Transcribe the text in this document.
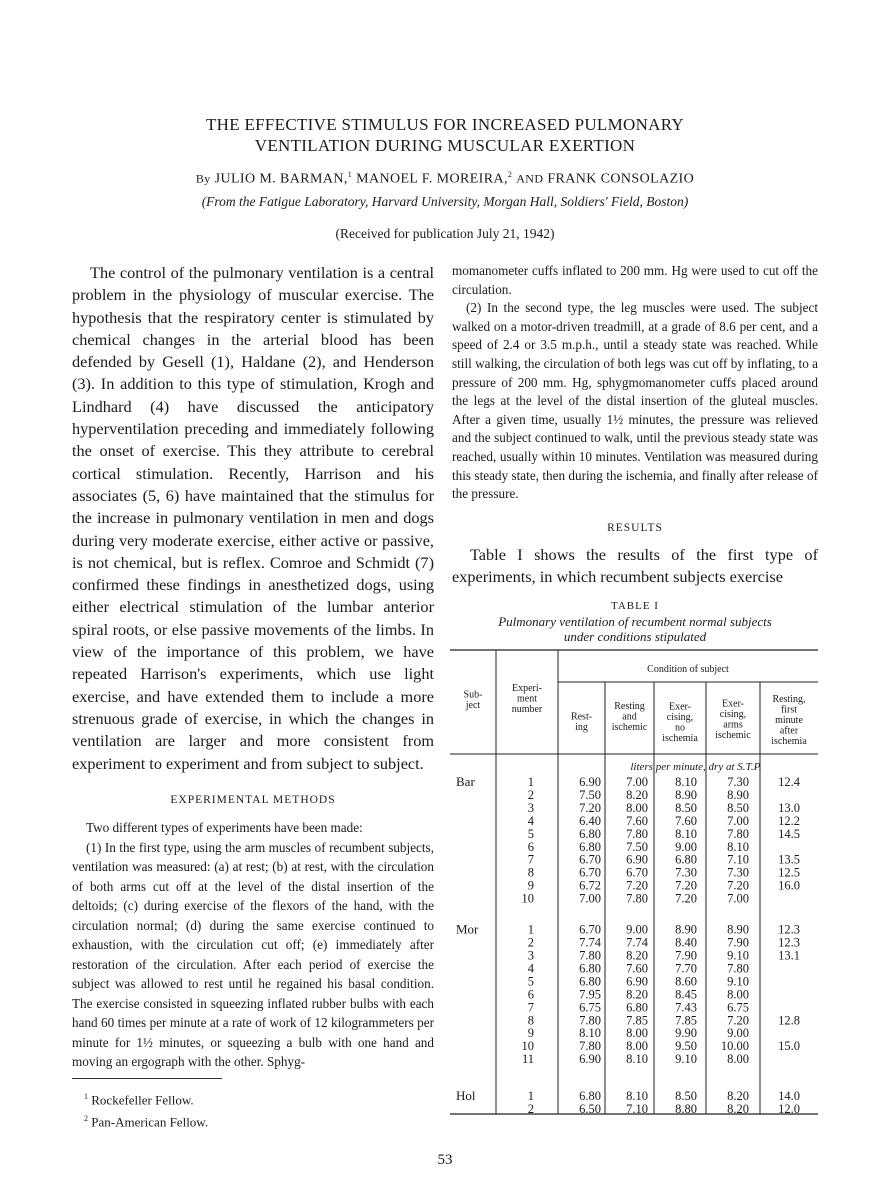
THE EFFECTIVE STIMULUS FOR INCREASED PULMONARY
VENTILATION DURING MUSCULAR EXERTION
By JULIO M. BARMAN,$^1$ MANOEL F. MOREIRA,$^2$ AND FRANK CONSOLAZIO
(From the Fatigue Laboratory, Harvard University, Morgan Hall, Soldiers' Field, Boston)
(Received for publication July 21, 1942)

The control of the pulmonary ventilation is a central problem in the physiology of muscular exercise. The hypothesis that the respiratory center is stimulated by chemical changes in the arterial blood has been defended by Gesell (1), Haldane (2), and Henderson (3). In addition to this type of stimulation, Krogh and Lindhard (4) have discussed the anticipatory hyperventilation preceding and immediately following the onset of exercise. This they attribute to cerebral cortical stimulation. Recently, Harrison and his associates (5, 6) have maintained that the stimulus for the increase in pulmonary ventilation in men and dogs during very moderate exercise, either active or passive, is not chemical, but is reflex. Comroe and Schmidt (7) confirmed these findings in anesthetized dogs, using either electrical stimulation of the lumbar anterior spiral roots, or else passive movements of the limbs. In view of the importance of this problem, we have repeated Harrison's experiments, which use light exercise, and have extended them to include a more strenuous grade of exercise, in which the changes in ventilation are larger and more consistent from experiment to experiment and from subject to subject.

EXPERIMENTAL METHODS

Two different types of experiments have been made:

(1) In the first type, using the arm muscles of recumbent subjects, ventilation was measured: (a) at rest; (b) at rest, with the circulation of both arms cut off at the level of the distal insertion of the deltoids; (c) during exercise of the flexors of the hand, with the circulation normal; (d) during the same exercise continued to exhaustion, with the circulation cut off; (e) immediately after restoration of the circulation. After each period of exercise the subject was allowed to rest until he regained his basal condition. The exercise consisted in squeezing inflated rubber bulbs with each hand 60 times per minute at a rate of work of 12 kilogrammeters per minute for 1½ minutes, or squeezing a bulb with one hand and moving an ergograph with the other. Sphyg-

momanometer cuffs inflated to 200 mm. Hg were used to cut off the circulation.

(2) In the second type, the leg muscles were used. The subject walked on a motor-driven treadmill, at a grade of 8.6 per cent, and a speed of 2.4 or 3.5 m.p.h., until a steady state was reached. While still walking, the circulation of both legs was cut off by inflating, to a pressure of 200 mm. Hg, sphygmomanometer cuffs placed around the legs at the level of the distal insertion of the gluteal muscles. After a given time, usually 1½ minutes, the pressure was relieved and the subject continued to walk, until the previous steady state was reached, usually within 10 minutes. Ventilation was measured during this steady state, then during the ischemia, and finally after release of the pressure.

RESULTS

Table I shows the results of the first type of experiments, in which recumbent subjects exercise

TABLE I
Pulmonary ventilation of recumbent normal subjects
under conditions stipulated
Condition of subject
Sub-
ject
Experi-
ment
number
Rest-
ing
Resting
and
ischemic
Exer-
cising,
no
ischemia
Exer-
cising,
arms
ischemic
Resting,
first
minute
after
ischemia
liters per minute, dry at S.T.P.
Bar	1	6.90 7.00 8.10 7.30 12.4
2	7.50 8.20 8.90 8.90
3	7.20 8.00 8.50 8.50 13.0
4	6.40 7.60 7.60 7.00 12.2
5	6.80 7.80 8.10 7.80 14.5
6	6.80 7.50 9.00 8.10
7	6.70 6.90 6.80 7.10 13.5
8	6.70 6.70 7.30 7.30 12.5
9	6.72 7.20 7.20 7.20 16.0
10	7.00 7.80 7.20 7.00
Mor	1	6.70 9.00 8.90 8.90 12.3
2	7.74 7.74 8.40 7.90 12.3
3	7.80 8.20 7.90 9.10 13.1
4	6.80 7.60 7.70 7.80
5	6.80 6.90 8.60 9.10
6	7.95 8.20 8.45 8.00
7	6.75 6.80 7.43 6.75
8	7.80 7.85 7.85 7.20 12.8
9	8.10 8.00 9.90 9.00
10	7.80 8.00 9.50 10.00 15.0
11	6.90 8.10 9.10 8.00
Hol	1	6.80 8.10 8.50 8.20 14.0
2	6.50 7.10 8.80 8.20 12.0
$^1$ Rockefeller Fellow.
$^2$ Pan-American Fellow.
53
